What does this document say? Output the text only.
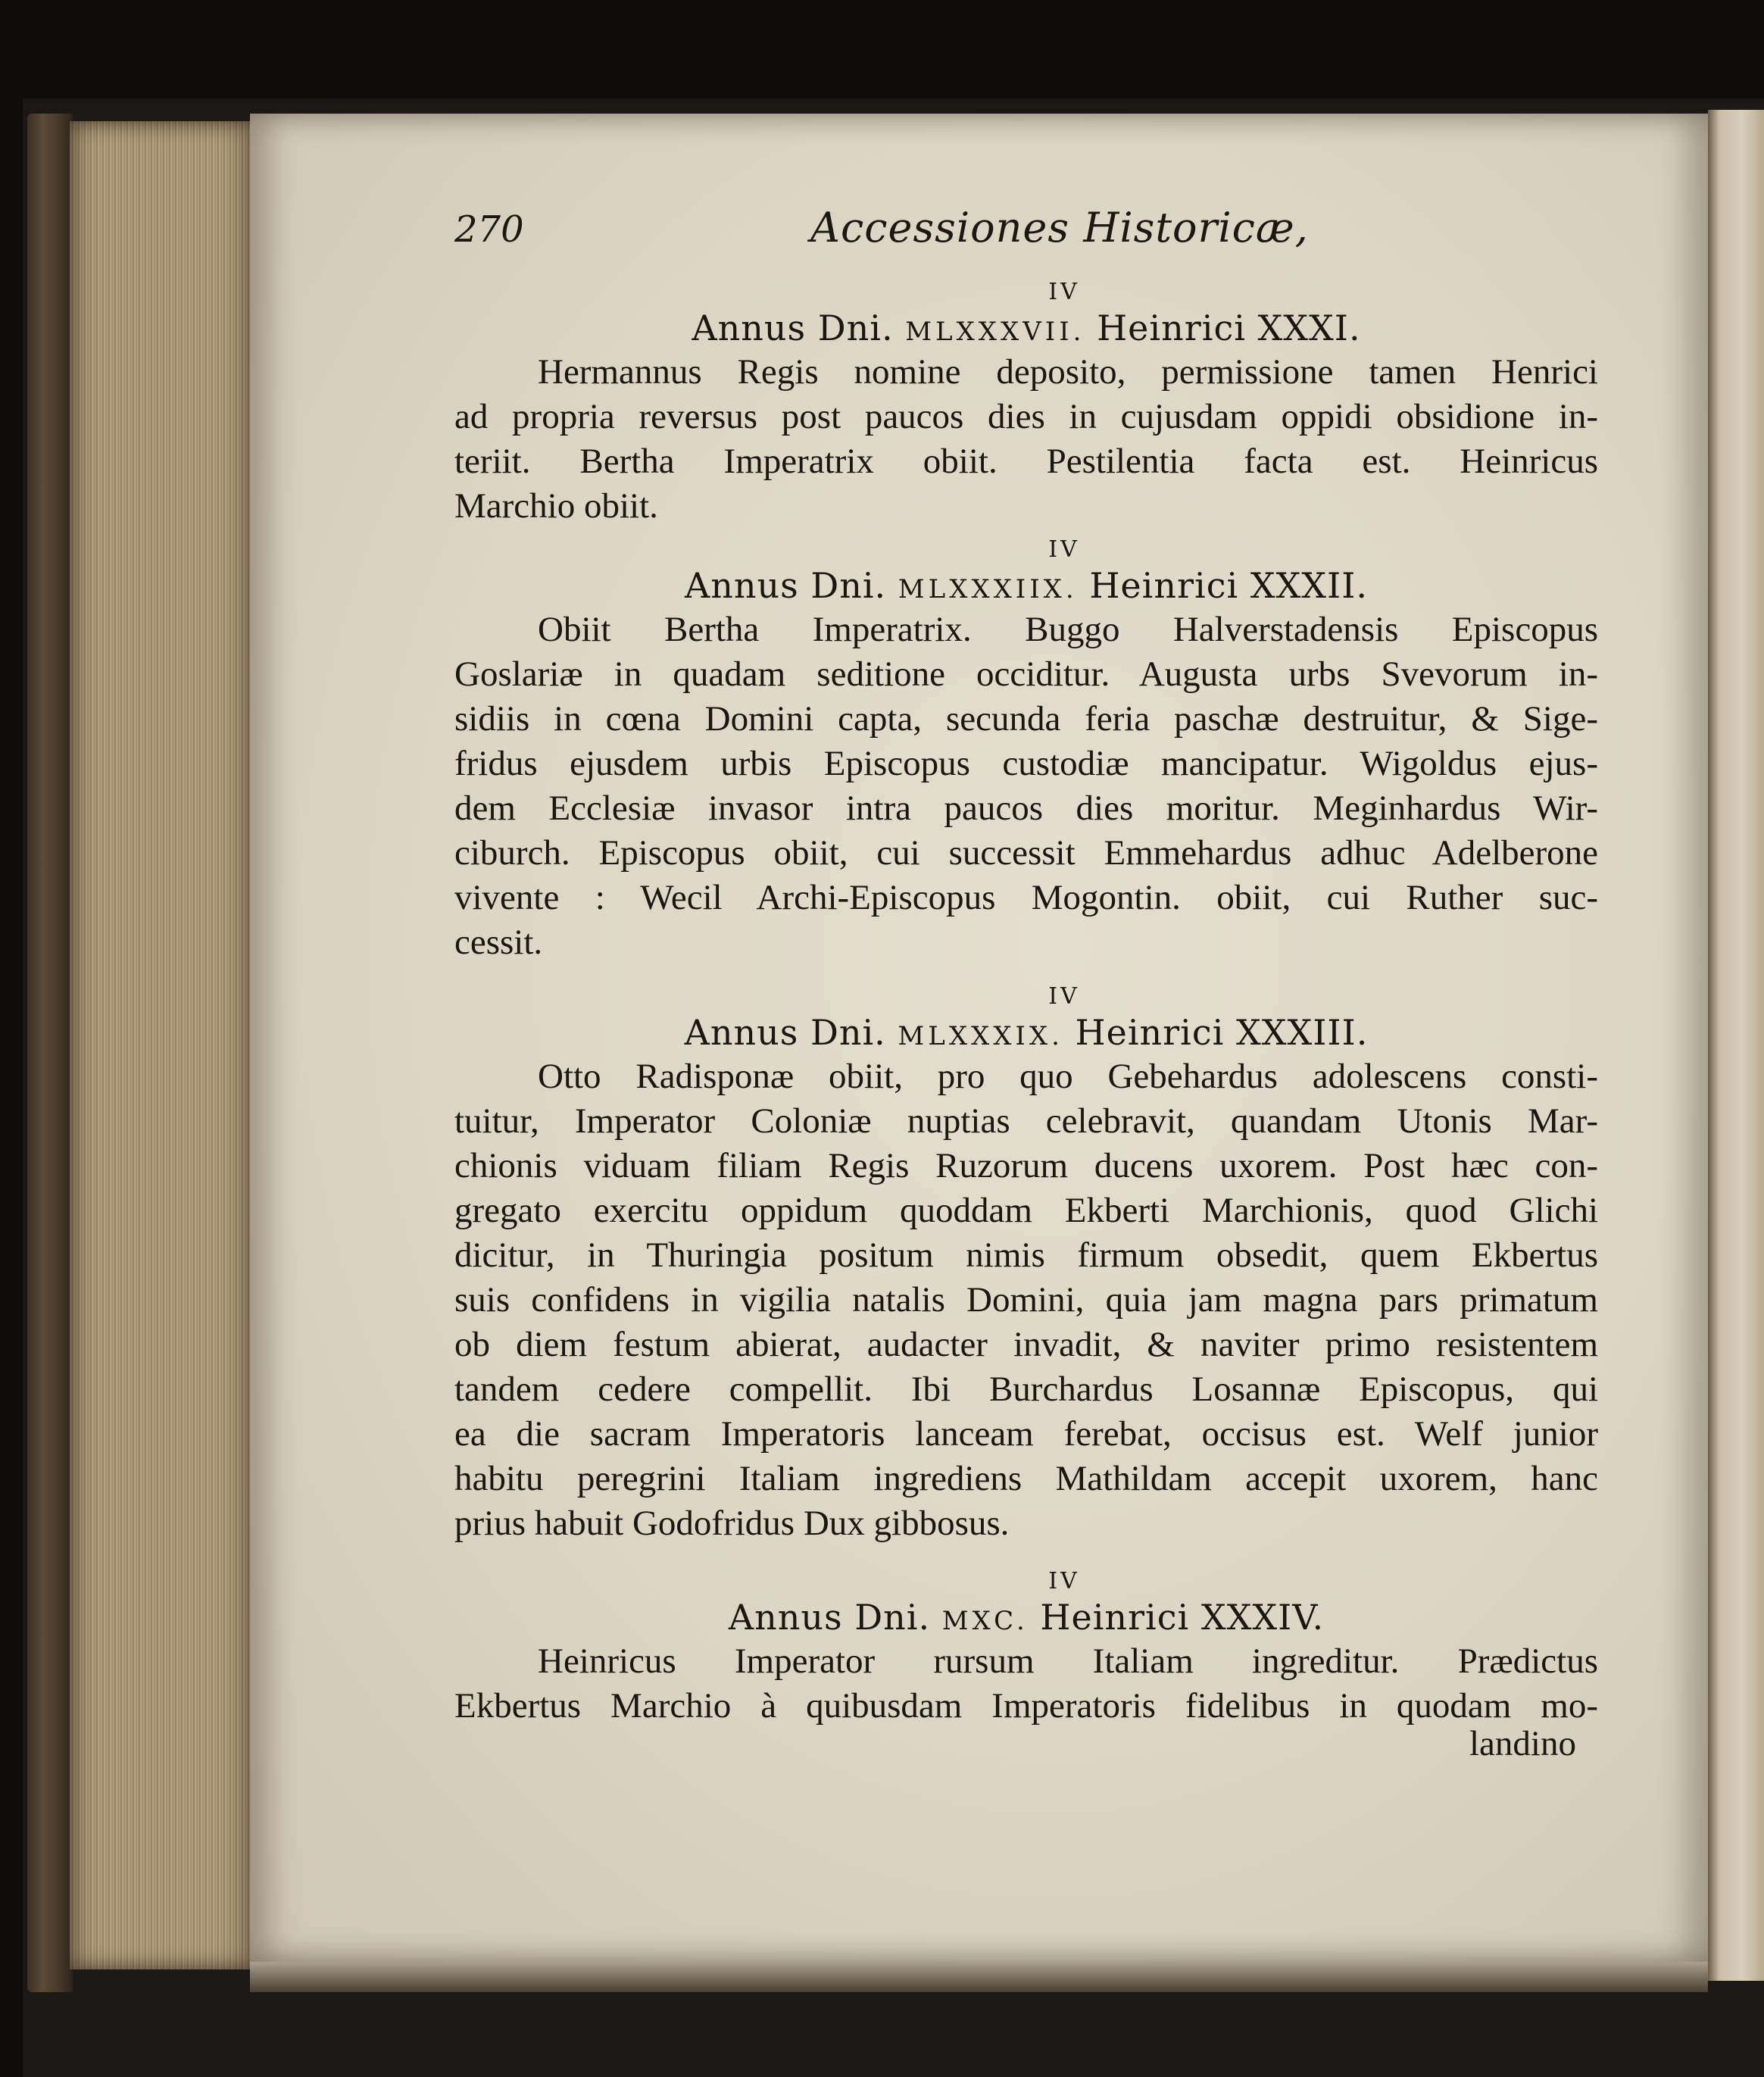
270	Accessiones Historicæ,
IV
Annus Dni. MLXXXVII. Heinrici XXXI.
Hermannus Regis nomine deposito, permissione tamen Henrici
ad propria reversus post paucos dies in cujusdam oppidi obsidione in-
teriit. Bertha Imperatrix obiit. Pestilentia facta est. Heinricus
Marchio obiit.
IV
Annus Dni. MLXXXIIX. Heinrici XXXII.
Obiit Bertha Imperatrix. Buggo Halverstadensis Episcopus
Goslariæ in quadam seditione occiditur. Augusta urbs Svevorum in-
sidiis in cœna Domini capta, secunda feria paschæ destruitur, & Sige-
fridus ejusdem urbis Episcopus custodiæ mancipatur. Wigoldus ejus-
dem Ecclesiæ invasor intra paucos dies moritur. Meginhardus Wir-
ciburch. Episcopus obiit, cui successit Emmehardus adhuc Adelberone
vivente : Wecil Archi-Episcopus Mogontin. obiit, cui Ruther suc-
cessit.
IV
Annus Dni. MLXXXIX. Heinrici XXXIII.
Otto Radisponæ obiit, pro quo Gebehardus adolescens consti-
tuitur, Imperator Coloniæ nuptias celebravit, quandam Utonis Mar-
chionis viduam filiam Regis Ruzorum ducens uxorem. Post hæc con-
gregato exercitu oppidum quoddam Ekberti Marchionis, quod Glichi
dicitur, in Thuringia positum nimis firmum obsedit, quem Ekbertus
suis confidens in vigilia natalis Domini, quia jam magna pars primatum
ob diem festum abierat, audacter invadit, & naviter primo resistentem
tandem cedere compellit. Ibi Burchardus Losannæ Episcopus, qui
ea die sacram Imperatoris lanceam ferebat, occisus est. Welf junior
habitu peregrini Italiam ingrediens Mathildam accepit uxorem, hanc
prius habuit Godofridus Dux gibbosus.
IV
Annus Dni. MXC. Heinrici XXXIV.
Heinricus Imperator rursum Italiam ingreditur. Prædictus
Ekbertus Marchio à quibusdam Imperatoris fidelibus in quodam mo-
landino
